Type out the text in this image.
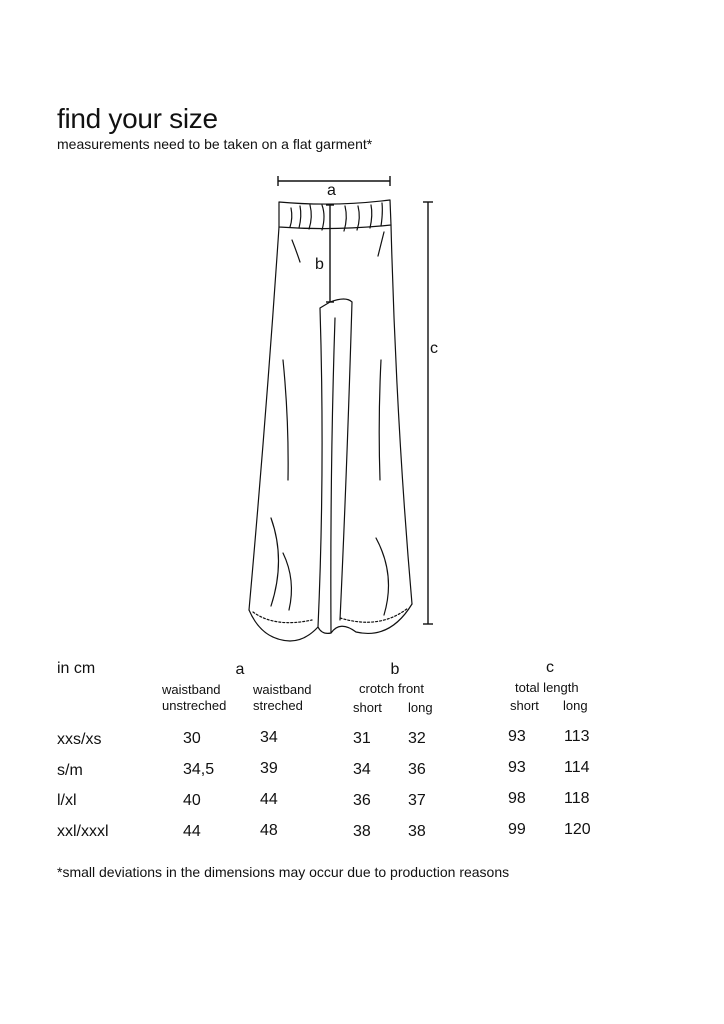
find your size
measurements need to be taken on a flat garment*
a
b
c
in cm	a	b	c
crotch front	total length
waistband
unstreched
waistband
streched	short long	short long
xxs/xs	30	34	31 32	93 113
s/m	34,5	39	34 36	93 114
l/xl	40	44	36 37	98 118
xxl/xxxl	44	48	38 38	99 120
*small deviations in the dimensions may occur due to production reasons
